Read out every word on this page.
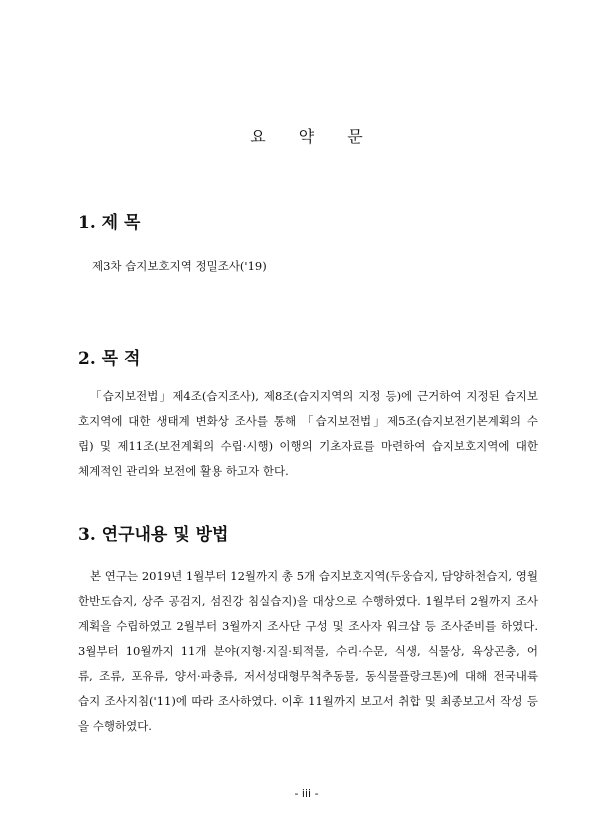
요 약 문
1. 제 목
제3차 습지보호지역 정밀조사('19)
2. 목 적
「습지보전법」제4조(습지조사), 제8조(습지지역의 지정 등)에 근거하여 지정된 습지보
호지역에 대한 생태계 변화상 조사를 통해 「습지보전법」제5조(습지보전기본계획의 수
립) 및 제11조(보전계획의 수립·시행) 이행의 기초자료를 마련하여 습지보호지역에 대한
체계적인 관리와 보전에 활용 하고자 한다.
3. 연구내용 및 방법
본 연구는 2019년 1월부터 12월까지 총 5개 습지보호지역(두웅습지, 담양하천습지, 영월
한반도습지, 상주 공검지, 섬진강 침실습지)을 대상으로 수행하였다. 1월부터 2월까지 조사
계획을 수립하였고 2월부터 3월까지 조사단 구성 및 조사자 워크샵 등 조사준비를 하였다.
3월부터 10월까지 11개 분야(지형·지질·퇴적물, 수리·수문, 식생, 식물상, 육상곤충, 어
류, 조류, 포유류, 양서·파충류, 저서성대형무척추동물, 동식물플랑크톤)에 대해 전국내륙
습지 조사지침('11)에 따라 조사하였다. 이후 11월까지 보고서 취합 및 최종보고서 작성 등
을 수행하였다.
- iii -
